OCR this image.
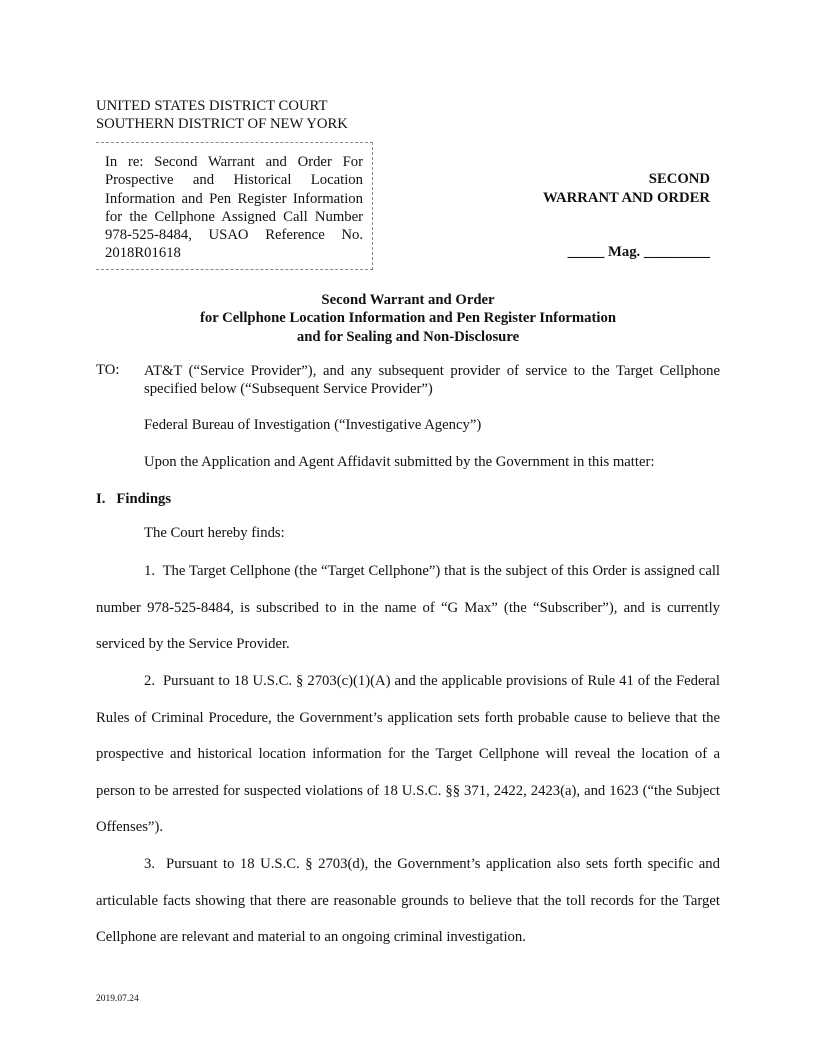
UNITED STATES DISTRICT COURT
SOUTHERN DISTRICT OF NEW YORK
In re: Second Warrant and Order For Prospective and Historical Location Information and Pen Register Information for the Cellphone Assigned Call Number 978-525-8484, USAO Reference No. 2018R01618
SECOND
WARRANT AND ORDER
_____ Mag. _________
Second Warrant and Order
for Cellphone Location Information and Pen Register Information
and for Sealing and Non-Disclosure
TO: AT&T (“Service Provider”), and any subsequent provider of service to the Target Cellphone specified below (“Subsequent Service Provider”)
Federal Bureau of Investigation (“Investigative Agency”)
Upon the Application and Agent Affidavit submitted by the Government in this matter:
I.   Findings
The Court hereby finds:
1.  The Target Cellphone (the “Target Cellphone”) that is the subject of this Order is assigned call number 978-525-8484, is subscribed to in the name of “G Max” (the “Subscriber”), and is currently serviced by the Service Provider.
2.  Pursuant to 18 U.S.C. § 2703(c)(1)(A) and the applicable provisions of Rule 41 of the Federal Rules of Criminal Procedure, the Government’s application sets forth probable cause to believe that the prospective and historical location information for the Target Cellphone will reveal the location of a person to be arrested for suspected violations of 18 U.S.C. §§ 371, 2422, 2423(a), and 1623 (“the Subject Offenses”).
3.  Pursuant to 18 U.S.C. § 2703(d), the Government’s application also sets forth specific and articulable facts showing that there are reasonable grounds to believe that the toll records for the Target Cellphone are relevant and material to an ongoing criminal investigation.
2019.07.24
